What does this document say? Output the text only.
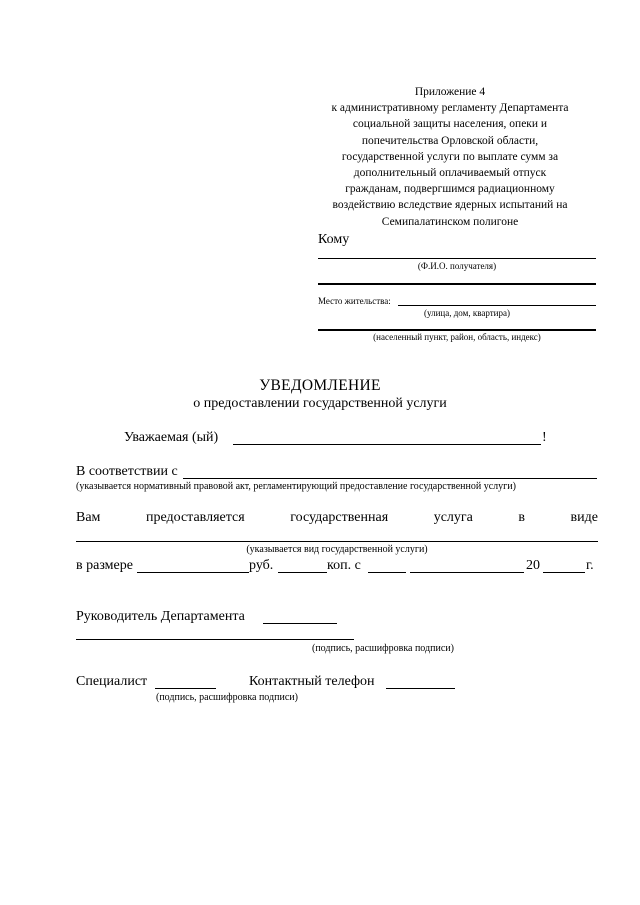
Приложение 4
к административному регламенту Департамента
социальной защиты населения, опеки и
попечительства Орловской области,
государственной услуги по выплате сумм за
дополнительный оплачиваемый отпуск
гражданам, подвергшимся радиационному
воздействию вследствие ядерных испытаний на
Семипалатинском полигоне
Кому
(Ф.И.О. получателя)
Место жительства:
(улица, дом, квартира)
(населенный пункт, район, область, индекс)
УВЕДОМЛЕНИЕ
о предоставлении государственной услуги
Уважаемая (ый)	!
В соответствии с
(указывается нормативный правовой акт, регламентирующий предоставление государственной услуги)
Вам	предоставляется	государственная	услуга	в	виде
(указывается вид государственной услуги)
в размере	руб.	коп. с	20	г.
Руководитель Департамента
(подпись, расшифровка подписи)
Специалист	Контактный телефон
(подпись, расшифровка подписи)
